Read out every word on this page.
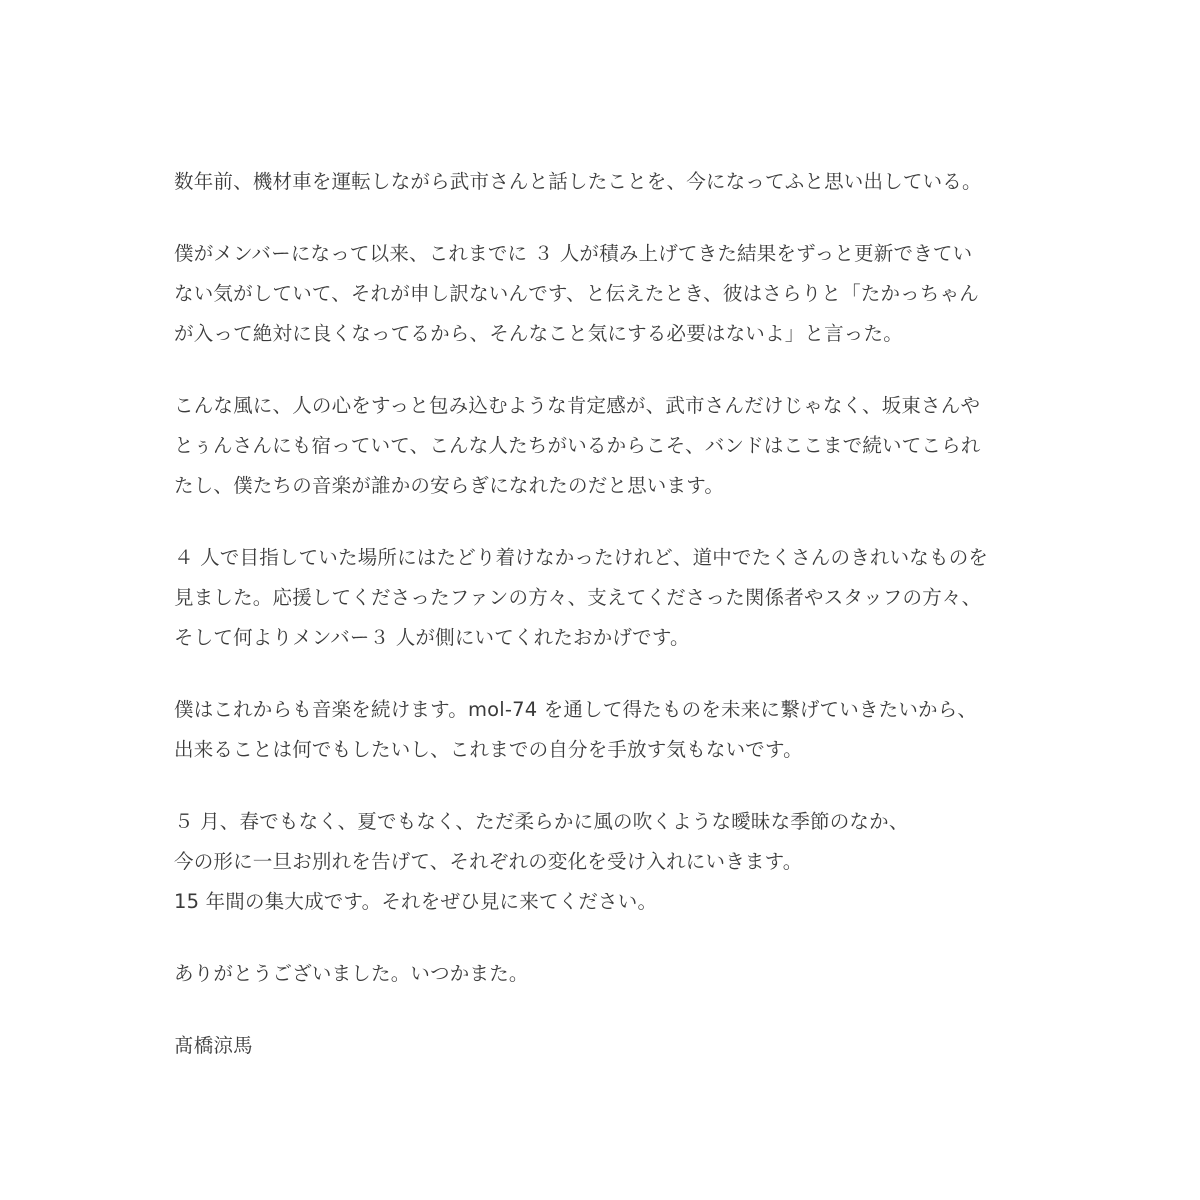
数年前、機材車を運転しながら武市さんと話したことを、今になってふと思い出している。

僕がメンバーになって以来、これまでに ３ 人が積み上げてきた結果をずっと更新できてい
ない気がしていて、それが申し訳ないんです、と伝えたとき、彼はさらりと「たかっちゃん
が入って絶対に良くなってるから、そんなこと気にする必要はないよ」と言った。

こんな風に、人の心をすっと包み込むような肯定感が、武市さんだけじゃなく、坂東さんや
とぅんさんにも宿っていて、こんな人たちがいるからこそ、バンドはここまで続いてこられ
たし、僕たちの音楽が誰かの安らぎになれたのだと思います。

４ 人で目指していた場所にはたどり着けなかったけれど、道中でたくさんのきれいなものを
見ました。応援してくださったファンの方々、支えてくださった関係者やスタッフの方々、
そして何よりメンバー３ 人が側にいてくれたおかげです。

僕はこれからも音楽を続けます。mol-74 を通して得たものを未来に繋げていきたいから、
出来ることは何でもしたいし、これまでの自分を手放す気もないです。

５ 月、春でもなく、夏でもなく、ただ柔らかに風の吹くような曖昧な季節のなか、
今の形に一旦お別れを告げて、それぞれの変化を受け入れにいきます。
15 年間の集大成です。それをぜひ見に来てください。

ありがとうございました。いつかまた。

髙橋涼馬
